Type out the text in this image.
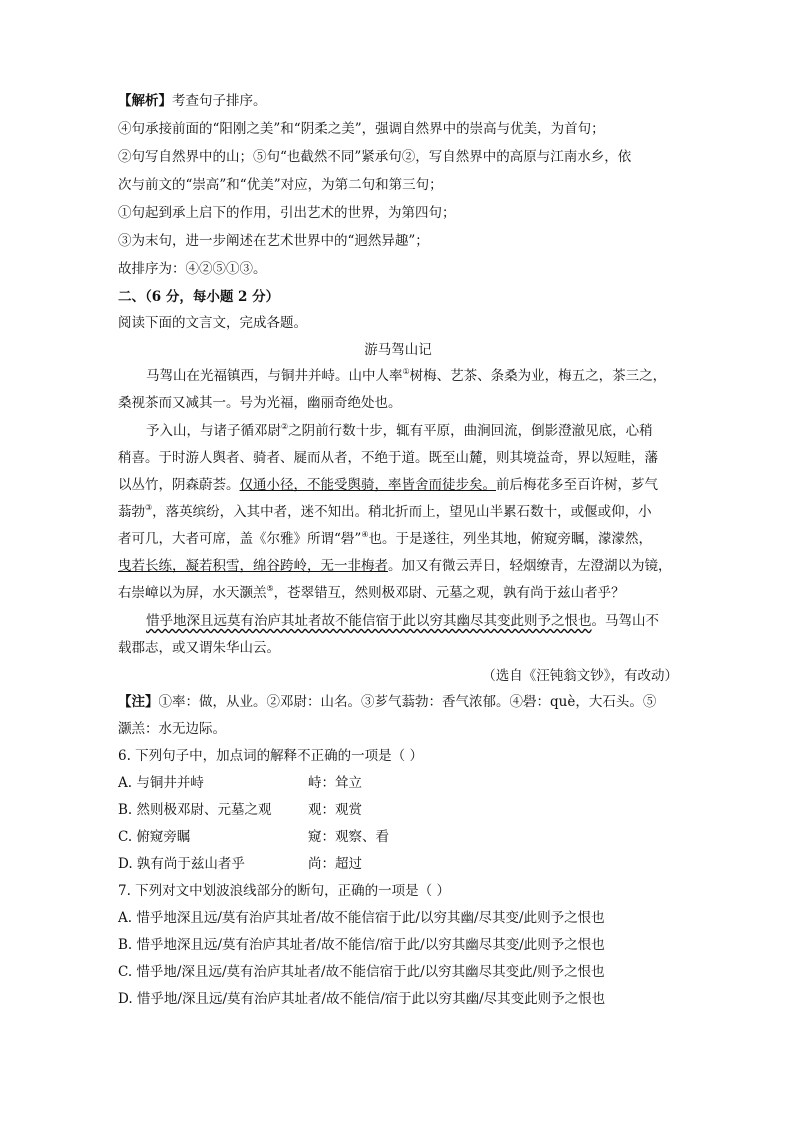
【解析】考查句子排序。
④句承接前面的“阳刚之美”和“阴柔之美”，强调自然界中的崇高与优美，为首句；
②句写自然界中的山；⑤句“也截然不同”紧承句②，写自然界中的高原与江南水乡，依
次与前文的“崇高”和“优美”对应，为第二句和第三句；
①句起到承上启下的作用，引出艺术的世界，为第四句；
③为末句，进一步阐述在艺术世界中的“迥然异趣”；
故排序为：④②⑤①③。
二、（6 分，每小题 2 分）
阅读下面的文言文，完成各题。
游马驾山记
马驾山在光福镇西，与铜井并峙。山中人率①树梅、艺茶、条桑为业，梅五之，茶三之，
桑视茶而又减其一。号为光福，幽丽奇绝处也。
予入山，与诸子循邓尉②之阴前行数十步，辄有平原，曲涧回流，倒影澄澈见底，心稍
稍喜。于时游人舆者、骑者、屣而从者，不绝于道。既至山麓，则其境益奇，界以短畦，藩
以丛竹，阴森蔚荟。仅通小径，不能受舆骑，率皆舍而徒步矣。前后梅花多至百许树，芗气
蓊勃③，落英缤纷，入其中者，迷不知出。稍北折而上，望见山半累石数十，或偃或仰，小
者可几，大者可席，盖《尔雅》所谓“礐”④也。于是遂往，列坐其地，俯窥旁瞩，濛濛然，
曳若长练，凝若积雪，绵谷跨岭，无一非梅者。加又有微云弄日，轻烟缭青，左澄湖以为镜，
右崇嶂以为屏，水天灏羔⑤，苍翠错互，然则极邓尉、元墓之观，孰有尚于兹山者乎？
惜乎地深且远莫有治庐其址者故不能信宿于此以穷其幽尽其变此则予之恨也。马驾山不
载郡志，或又谓朱华山云。
（选自《汪钝翁文钞》，有改动）
【注】①率：做，从业。②邓尉：山名。③芗气蓊勃：香气浓郁。④礐：què，大石头。⑤
灏羔：水无边际。
6. 下列句子中，加点词的解释不正确的一项是（ ）
A. 与铜井并峙	峙：耸立
B. 然则极邓尉、元墓之观	观：观赏
C. 俯窥旁瞩	窥：观察、看
D. 孰有尚于兹山者乎	尚：超过
7. 下列对文中划波浪线部分的断句，正确的一项是（ ）
A. 惜乎地深且远/莫有治庐其址者/故不能信宿于此/以穷其幽/尽其变/此则予之恨也
B. 惜乎地深且远/莫有治庐其址者/故不能信/宿于此/以穷其幽尽其变/此则予之恨也
C. 惜乎地/深且远/莫有治庐其址者/故不能信宿于此/以穷其幽尽其变此/则予之恨也
D. 惜乎地/深且远/莫有治庐其址者/故不能信/宿于此以穷其幽/尽其变此则予之恨也
